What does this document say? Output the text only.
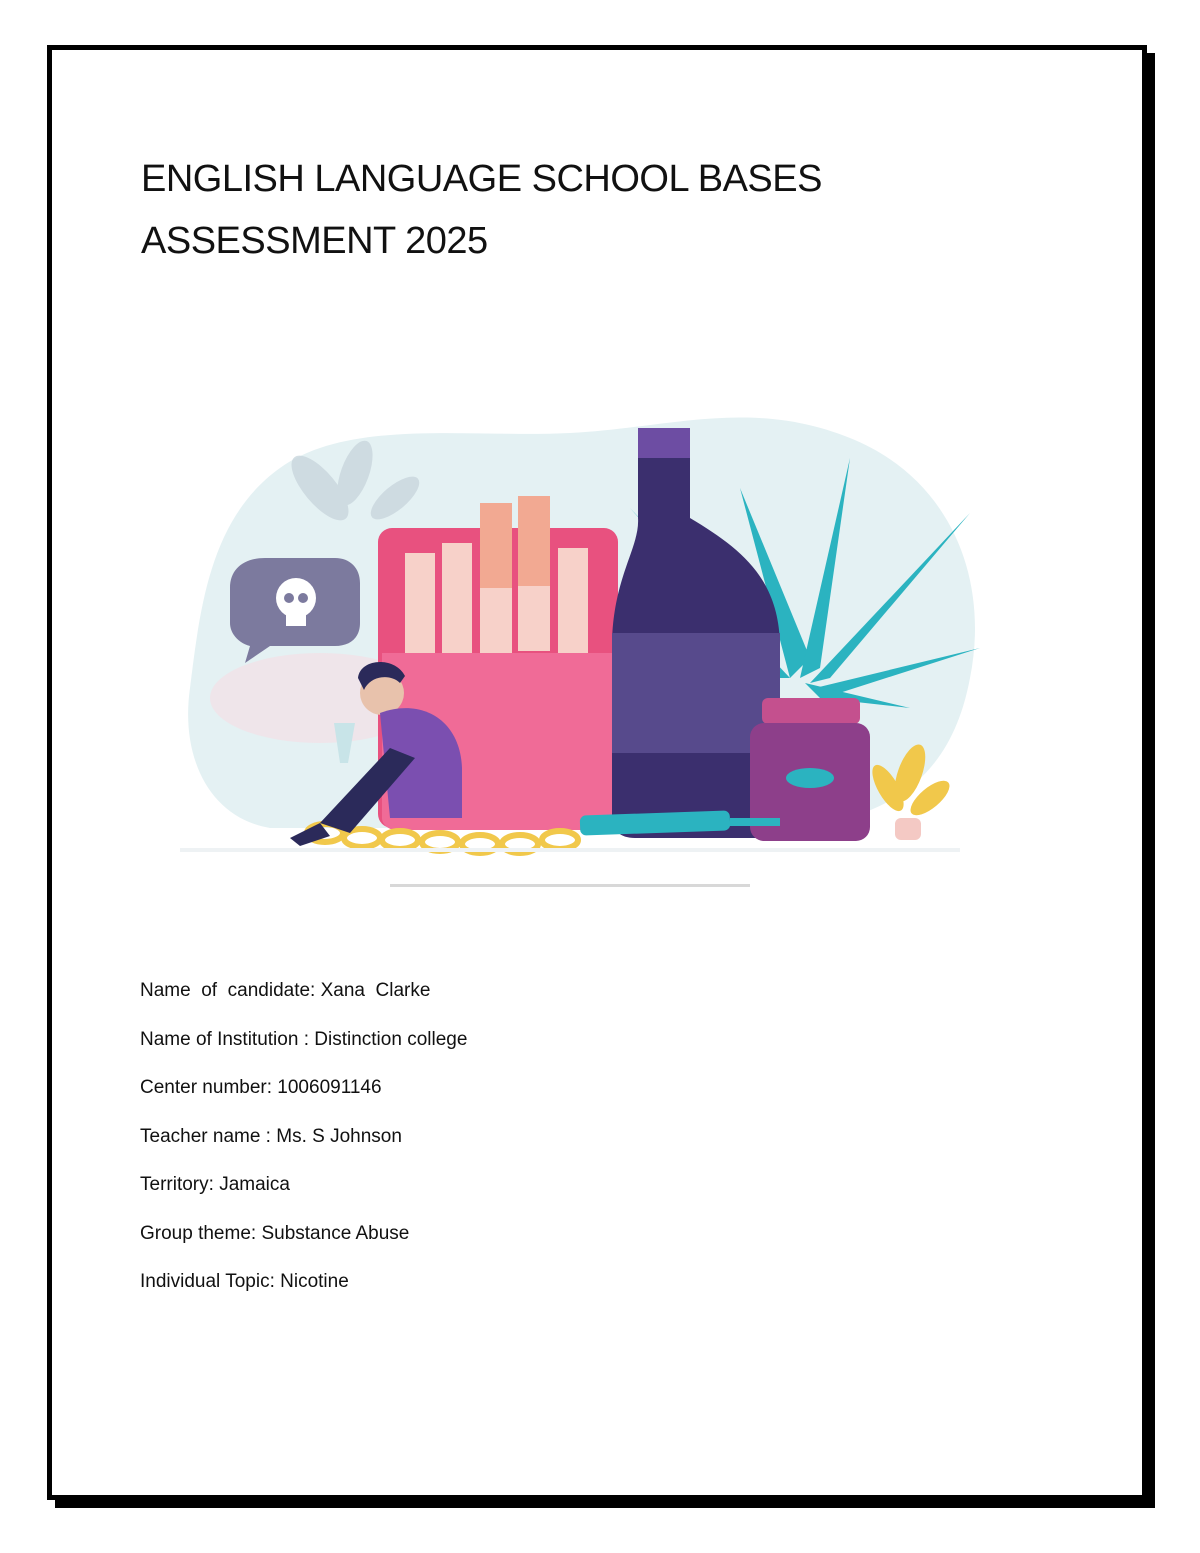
ENGLISH LANGUAGE SCHOOL BASES
ASSESSMENT 2025
Name  of  candidate: Xana  Clarke
Name of Institution : Distinction college
Center number: 1006091146
Teacher name : Ms. S Johnson
Territory: Jamaica
Group theme: Substance Abuse
Individual Topic: Nicotine
